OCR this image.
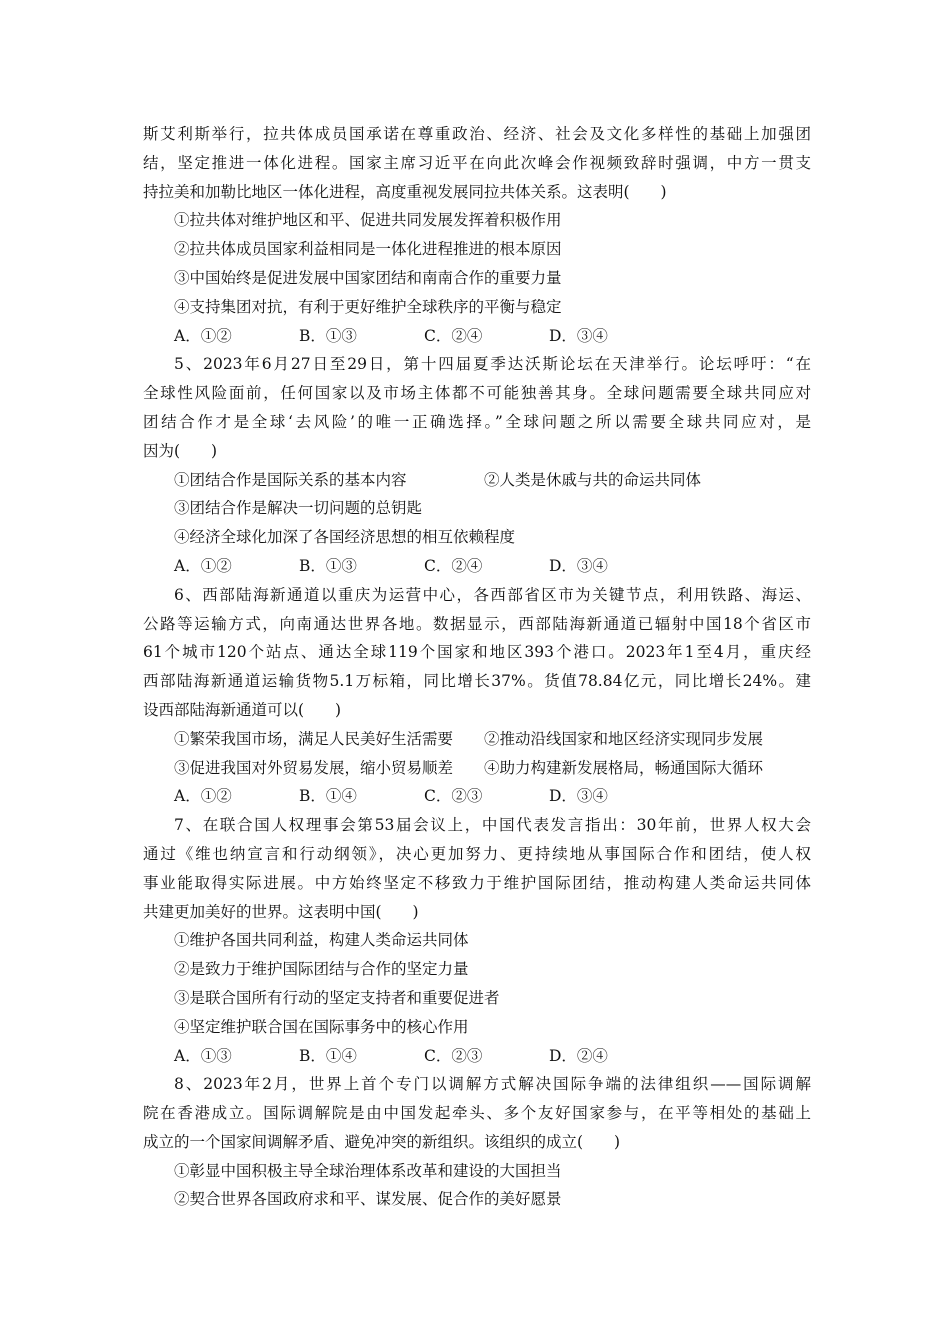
斯艾利斯举行，拉共体成员国承诺在尊重政治、经济、社会及文化多样性的基础上加强团
结，坚定推进一体化进程。国家主席习近平在向此次峰会作视频致辞时强调，中方一贯支
持拉美和加勒比地区一体化进程，高度重视发展同拉共体关系。这表明(　　)
①拉共体对维护地区和平、促进共同发展发挥着积极作用
②拉共体成员国家利益相同是一体化进程推进的根本原因
③中国始终是促进发展中国家团结和南南合作的重要力量
④支持集团对抗，有利于更好维护全球秩序的平衡与稳定
A．①②	B．①③	C．②④	D．③④
5、2023年6月27日至29日，第十四届夏季达沃斯论坛在天津举行。论坛呼吁：“在
全球性风险面前，任何国家以及市场主体都不可能独善其身。全球问题需要全球共同应对
团结合作才是全球‘去风险’的唯一正确选择。”全球问题之所以需要全球共同应对，是
因为(　　)
①团结合作是国际关系的基本内容	②人类是休戚与共的命运共同体
③团结合作是解决一切问题的总钥匙
④经济全球化加深了各国经济思想的相互依赖程度
A．①②	B．①③	C．②④	D．③④
6、西部陆海新通道以重庆为运营中心，各西部省区市为关键节点，利用铁路、海运、
公路等运输方式，向南通达世界各地。数据显示，西部陆海新通道已辐射中国18个省区市
61个城市120个站点、通达全球119个国家和地区393个港口。2023年1至4月，重庆经
西部陆海新通道运输货物5.1万标箱，同比增长37%。货值78.84亿元，同比增长24%。建
设西部陆海新通道可以(　　)
①繁荣我国市场，满足人民美好生活需要	②推动沿线国家和地区经济实现同步发展
③促进我国对外贸易发展，缩小贸易顺差	④助力构建新发展格局，畅通国际大循环
A．①②	B．①④	C．②③	D．③④
7、在联合国人权理事会第53届会议上，中国代表发言指出：30年前，世界人权大会
通过《维也纳宣言和行动纲领》，决心更加努力、更持续地从事国际合作和团结，使人权
事业能取得实际进展。中方始终坚定不移致力于维护国际团结，推动构建人类命运共同体
共建更加美好的世界。这表明中国(　　)
①维护各国共同利益，构建人类命运共同体
②是致力于维护国际团结与合作的坚定力量
③是联合国所有行动的坚定支持者和重要促进者
④坚定维护联合国在国际事务中的核心作用
A．①③	B．①④	C．②③	D．②④
8、2023年2月，世界上首个专门以调解方式解决国际争端的法律组织——国际调解
院在香港成立。国际调解院是由中国发起牵头、多个友好国家参与，在平等相处的基础上
成立的一个国家间调解矛盾、避免冲突的新组织。该组织的成立(　　)
①彰显中国积极主导全球治理体系改革和建设的大国担当
②契合世界各国政府求和平、谋发展、促合作的美好愿景
